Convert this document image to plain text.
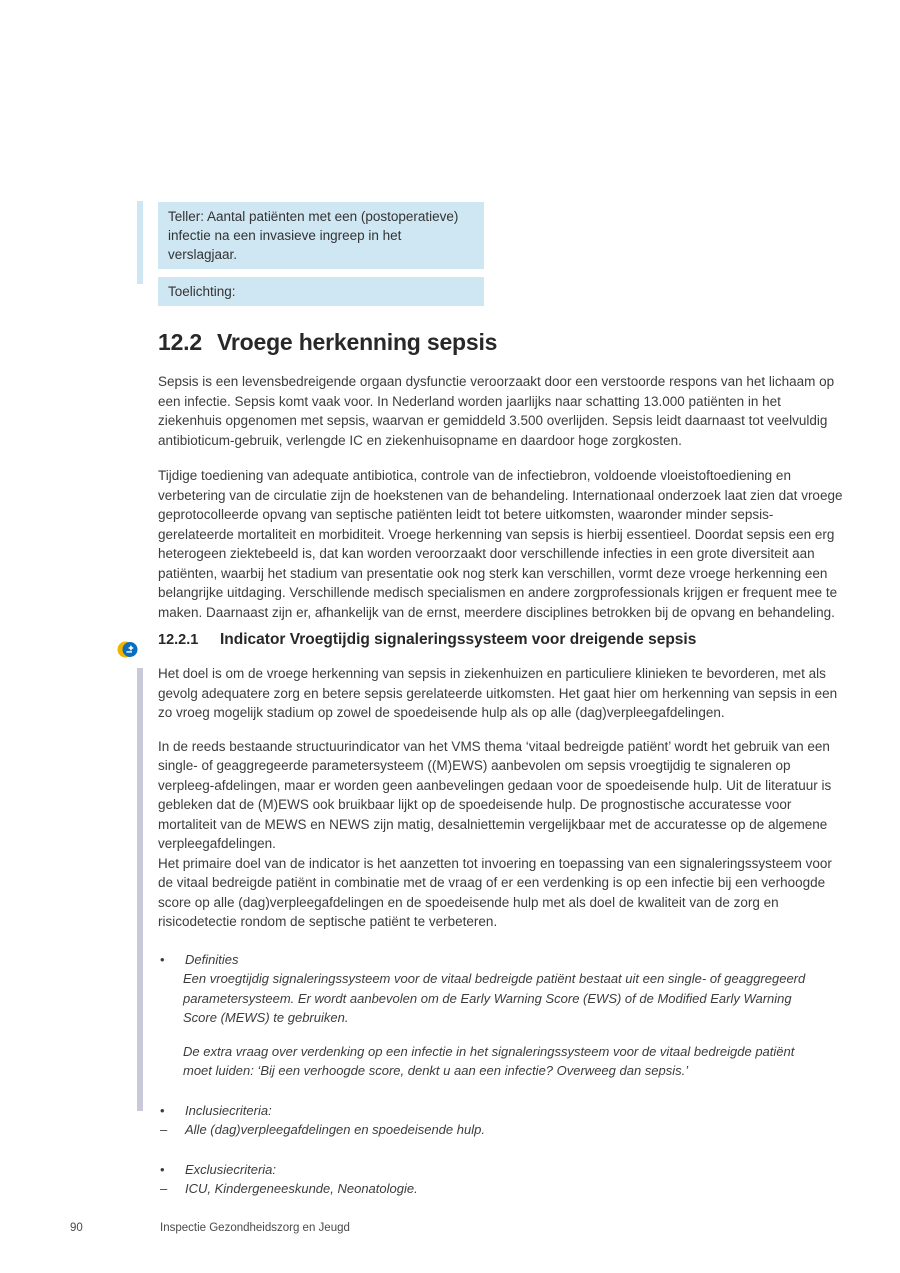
Teller: Aantal patiënten met een (postoperatieve) infectie na een invasieve ingreep in het verslagjaar.
Toelichting:
12.2 Vroege herkenning sepsis

Sepsis is een levensbedreigende orgaan dysfunctie veroorzaakt door een verstoorde respons van het lichaam op een infectie. Sepsis komt vaak voor. In Nederland worden jaarlijks naar schatting 13.000 patiënten in het ziekenhuis opgenomen met sepsis, waarvan er gemiddeld 3.500 overlijden. Sepsis leidt daarnaast tot veelvuldig antibioticum-gebruik, verlengde IC en ziekenhuisopname en daardoor hoge zorgkosten.

Tijdige toediening van adequate antibiotica, controle van de infectiebron, voldoende vloeistoftoediening en verbetering van de circulatie zijn de hoekstenen van de behandeling. Internationaal onderzoek laat zien dat vroege geprotocolleerde opvang van septische patiënten leidt tot betere uitkomsten, waaronder minder sepsis-gerelateerde mortaliteit en morbiditeit. Vroege herkenning van sepsis is hierbij essentieel. Doordat sepsis een erg heterogeen ziektebeeld is, dat kan worden veroorzaakt door verschillende infecties in een grote diversiteit aan patiënten, waarbij het stadium van presentatie ook nog sterk kan verschillen, vormt deze vroege herkenning een belangrijke uitdaging. Verschillende medisch specialismen en andere zorgprofessionals krijgen er frequent mee te maken. Daarnaast zijn er, afhankelijk van de ernst, meerdere disciplines betrokken bij de opvang en behandeling.

12.2.1	Indicator Vroegtijdig signaleringssysteem voor dreigende sepsis

Het doel is om de vroege herkenning van sepsis in ziekenhuizen en particuliere klinieken te bevorderen, met als gevolg adequatere zorg en betere sepsis gerelateerde uitkomsten. Het gaat hier om herkenning van sepsis in een zo vroeg mogelijk stadium op zowel de spoedeisende hulp als op alle (dag)verpleegafdelingen.

In de reeds bestaande structuurindicator van het VMS thema ‘vitaal bedreigde patiënt’ wordt het gebruik van een single- of geaggregeerde parametersysteem ((M)EWS) aanbevolen om sepsis vroegtijdig te signaleren op verpleeg-afdelingen, maar er worden geen aanbevelingen gedaan voor de spoedeisende hulp. Uit de literatuur is gebleken dat de (M)EWS ook bruikbaar lijkt op de spoedeisende hulp. De prognostische accuratesse voor mortaliteit van de MEWS en NEWS zijn matig, desalniettemin vergelijkbaar met de accuratesse op de algemene verpleegafdelingen.

Het primaire doel van de indicator is het aanzetten tot invoering en toepassing van een signaleringssysteem voor de vitaal bedreigde patiënt in combinatie met de vraag of er een verdenking is op een infectie bij een verhoogde score op alle (dag)verpleegafdelingen en de spoedeisende hulp met als doel de kwaliteit van de zorg en risicodetectie rondom de septische patiënt te verbeteren.

•	Definities
Een vroegtijdig signaleringssysteem voor de vitaal bedreigde patiënt bestaat uit een single- of geaggregeerd parametersysteem. Er wordt aanbevolen om de Early Warning Score (EWS) of de Modified Early Warning Score (MEWS) te gebruiken.
De extra vraag over verdenking op een infectie in het signaleringssysteem voor de vitaal bedreigde patiënt moet luiden: ‘Bij een verhoogde score, denkt u aan een infectie? Overweeg dan sepsis.’
•	Inclusiecriteria:
–	Alle (dag)verpleegafdelingen en spoedeisende hulp.
•	Exclusiecriteria:
–	ICU, Kindergeneeskunde, Neonatologie.
90	Inspectie Gezondheidszorg en Jeugd
